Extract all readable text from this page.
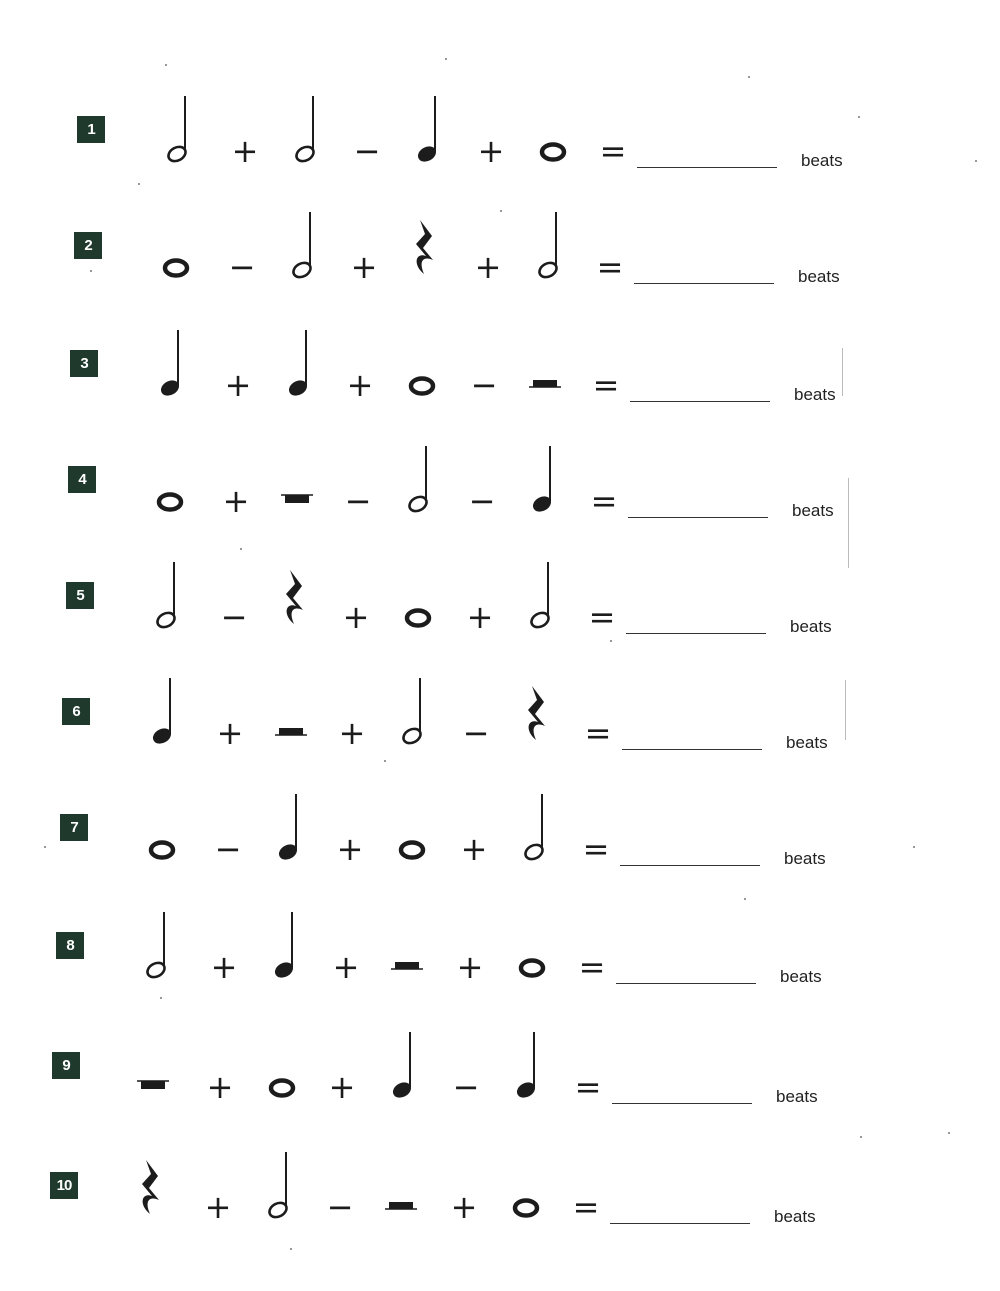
1
+	−	+	=	beats
2
−	+	+	=	beats
3
+	+	−	=	beats
4
+	−	−	=	beats
5
−	+	+	=	beats
6
+	+	−	=	beats
7
−	+	+	=	beats
8
+	+	+	=	beats
9
+	+	−	=	beats
10
+	−	+	=	beats
